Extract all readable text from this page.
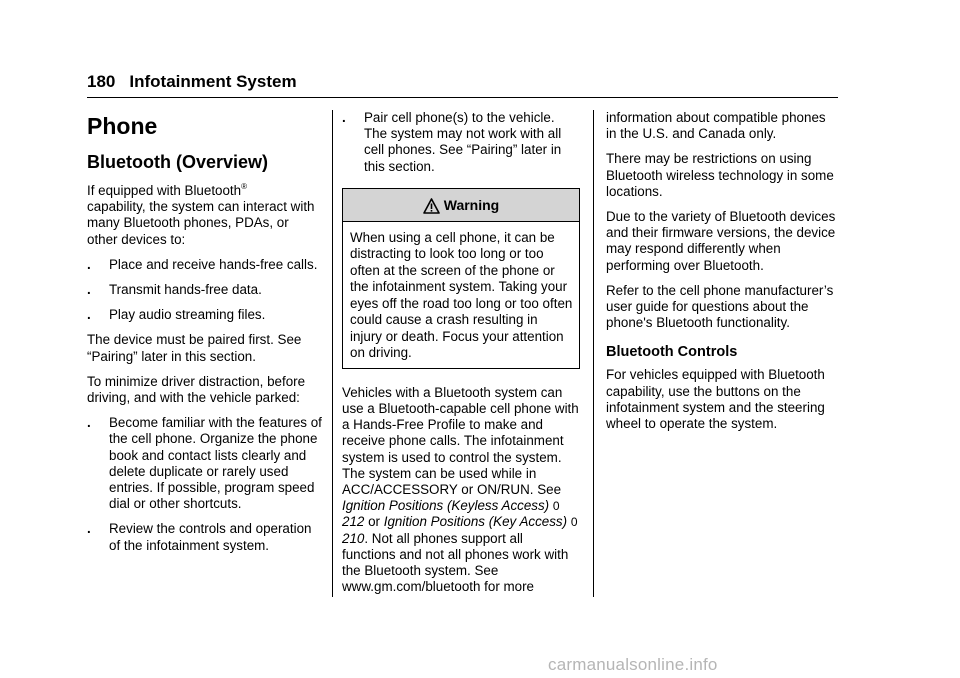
180 Infotainment System
Phone
Bluetooth (Overview)

If equipped with Bluetooth®
capability, the system can interact with many Bluetooth phones, PDAs, or other devices to:

. Place and receive hands-free calls.
. Transmit hands-free data.
. Play audio streaming files.

The device must be paired first. See “Pairing” later in this section.

To minimize driver distraction, before driving, and with the vehicle parked:

. Become familiar with the features of the cell phone. Organize the phone book and contact lists clearly and delete duplicate or rarely used entries. If possible, program speed dial or other shortcuts.
. Review the controls and operation of the infotainment system.
. Pair cell phone(s) to the vehicle. The system may not work with all cell phones. See “Pairing” later in this section.
Warning
When using a cell phone, it can be distracting to look too long or too often at the screen of the phone or the infotainment system. Taking your eyes off the road too long or too often could cause a crash resulting in injury or death. Focus your attention on driving.

Vehicles with a Bluetooth system can use a Bluetooth-capable cell phone with a Hands-Free Profile to make and receive phone calls. The infotainment system is used to control the system. The system can be used while in ACC/ACCESSORY or ON/RUN. See Ignition Positions (Keyless Access) 0 212 or Ignition Positions (Key Access) 0 210. Not all phones support all functions and not all phones work with the Bluetooth system. See www.gm.com/bluetooth for more

information about compatible phones in the U.S. and Canada only.

There may be restrictions on using Bluetooth wireless technology in some locations.

Due to the variety of Bluetooth devices and their firmware versions, the device may respond differently when performing over Bluetooth.

Refer to the cell phone manufacturer’s user guide for questions about the phone's Bluetooth functionality.

Bluetooth Controls

For vehicles equipped with Bluetooth capability, use the buttons on the infotainment system and the steering wheel to operate the system.

carmanualsonline.info
